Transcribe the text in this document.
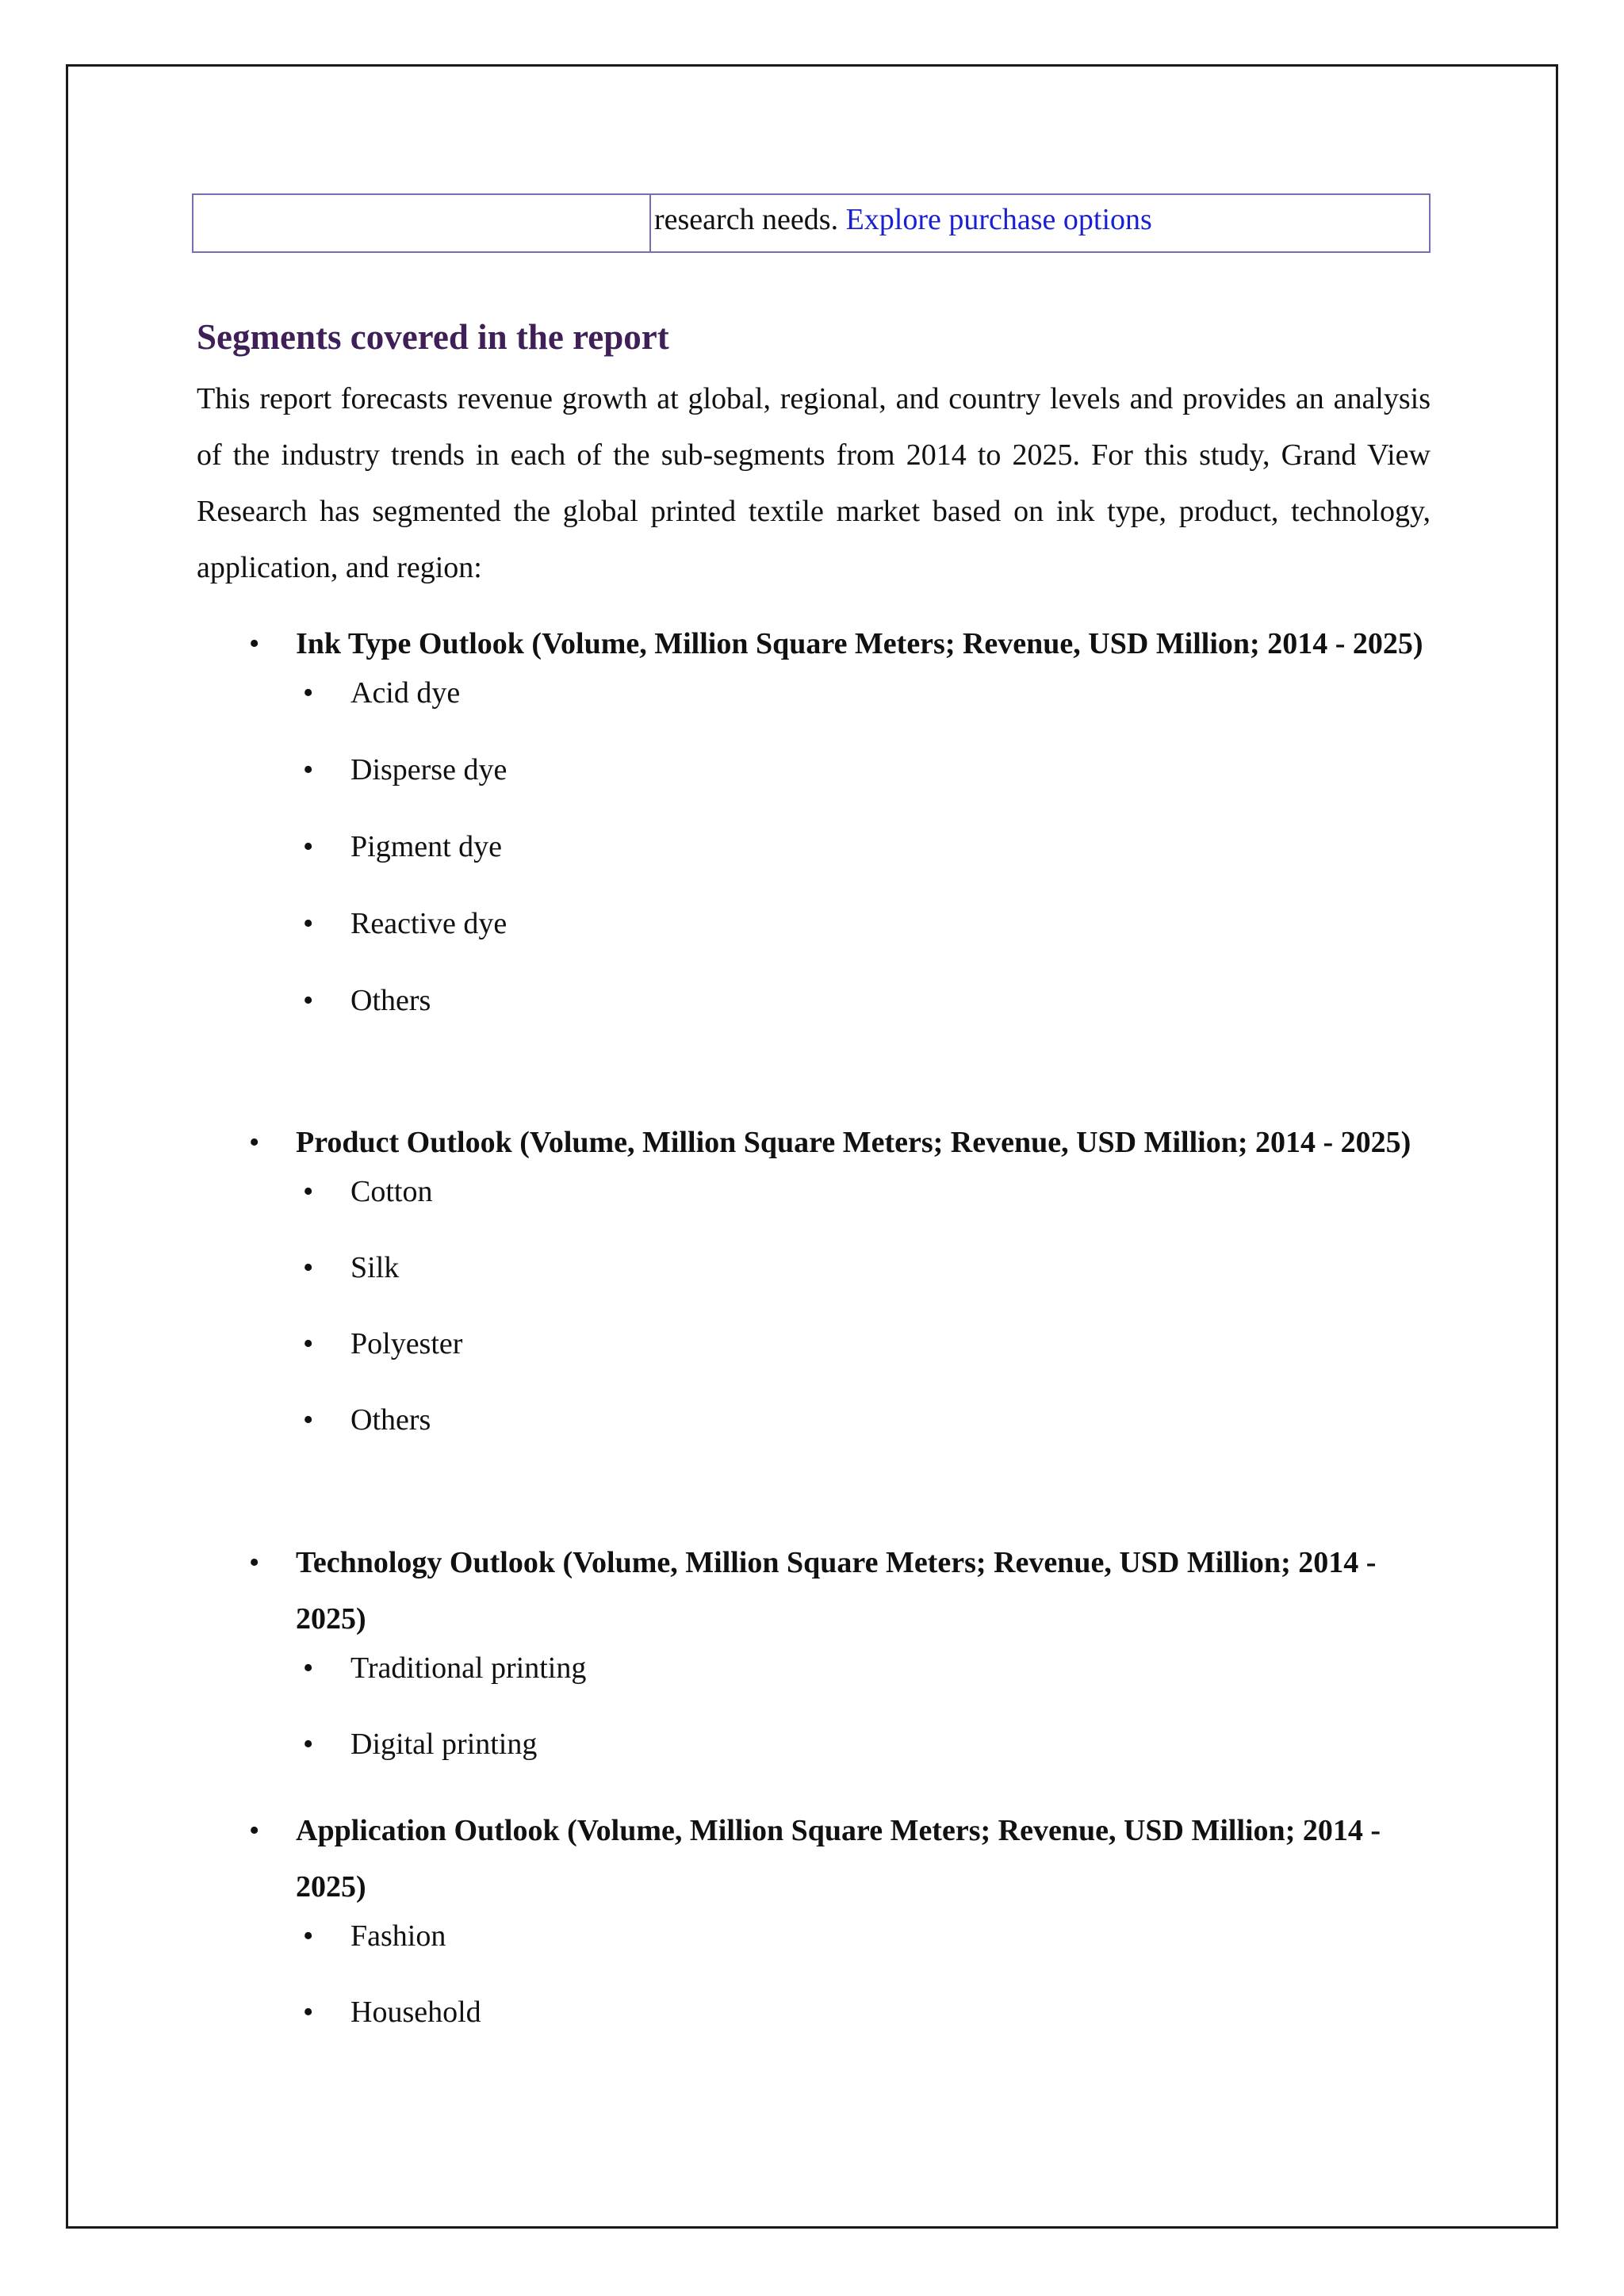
research needs. Explore purchase options
Segments covered in the report

This report forecasts revenue growth at global, regional, and country levels and provides an analysis of the industry trends in each of the sub-segments from 2014 to 2025. For this study, Grand View Research has segmented the global printed textile market based on ink type, product, technology, application, and region:

• Ink Type Outlook (Volume, Million Square Meters; Revenue, USD Million; 2014 - 2025)
• Acid dye
• Disperse dye
• Pigment dye
• Reactive dye
• Others
• Product Outlook (Volume, Million Square Meters; Revenue, USD Million; 2014 - 2025)
• Cotton
• Silk
• Polyester
• Others
• Technology Outlook (Volume, Million Square Meters; Revenue, USD Million; 2014 - 2025)
• Traditional printing
• Digital printing
• Application Outlook (Volume, Million Square Meters; Revenue, USD Million; 2014 - 2025)
• Fashion
• Household
